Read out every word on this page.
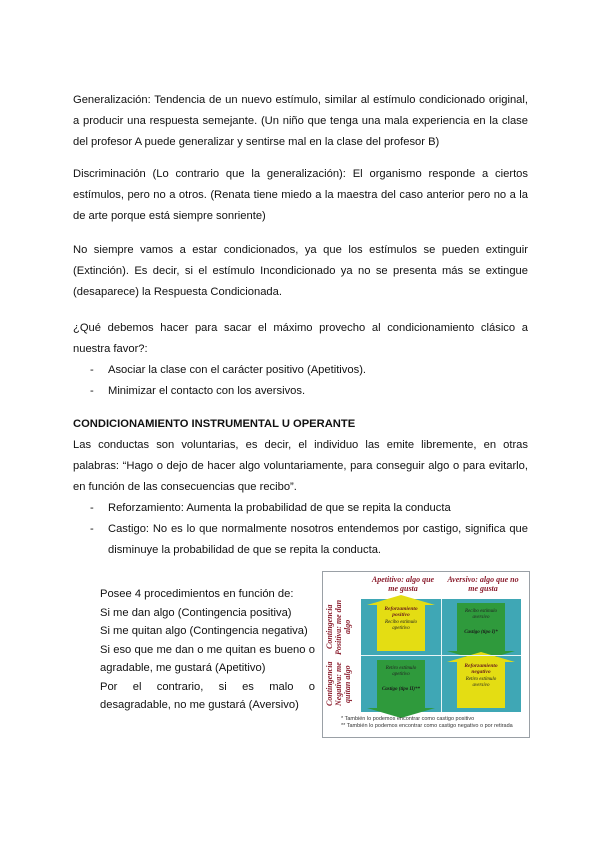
Generalización: Tendencia de un nuevo estímulo, similar al estímulo condicionado original, a producir una respuesta semejante. (Un niño que tenga una mala experiencia en la clase del profesor A puede generalizar y sentirse mal en la clase del profesor B)

Discriminación (Lo contrario que la generalización): El organismo responde a ciertos estímulos, pero no a otros. (Renata tiene miedo a la maestra del caso anterior pero no a la de arte porque está siempre sonriente)

No siempre vamos a estar condicionados, ya que los estímulos se pueden extinguir (Extinción). Es decir, si el estímulo Incondicionado ya no se presenta más se extingue (desaparece) la Respuesta Condicionada.

¿Qué debemos hacer para sacar el máximo provecho al condicionamiento clásico a nuestra favor?:

- Asociar la clase con el carácter positivo (Apetitivos).
- Minimizar el contacto con los aversivos.

CONDICIONAMIENTO INSTRUMENTAL U OPERANTE

Las conductas son voluntarias, es decir, el individuo las emite libremente, en otras palabras: “Hago o dejo de hacer algo voluntariamente, para conseguir algo o para evitarlo, en función de las consecuencias que recibo”.

- Reforzamiento: Aumenta la probabilidad de que se repita la conducta
- Castigo: No es lo que normalmente nosotros entendemos por castigo, significa que disminuye la probabilidad de que se repita la conducta.

Posee 4 procedimientos en función de:

Si me dan algo (Contingencia positiva)

Si me quitan algo (Contingencia negativa)

Si eso que me dan o me quitan es bueno o agradable, me gustará (Apetitivo)

Por el contrario, si es malo o desagradable, no me gustará (Aversivo)

Apetitivo: algo que me gusta
Aversivo: algo que no me gusta
Contingencia Positiva: me dan algo
Contingencia Negativa: me quitan algo
Reforzamiento positivo
Recibo estímulo apetitivo
Recibo estímulo aversivo
Castigo (tipo I)*
Retiro estímulo apetitivo
Castigo (tipo II)**
Reforzamiento negativo
Retiro estímulo aversivo
* También lo podemos encontrar como castigo positivo
** También lo podemos encontrar como castigo negativo o por retirada
